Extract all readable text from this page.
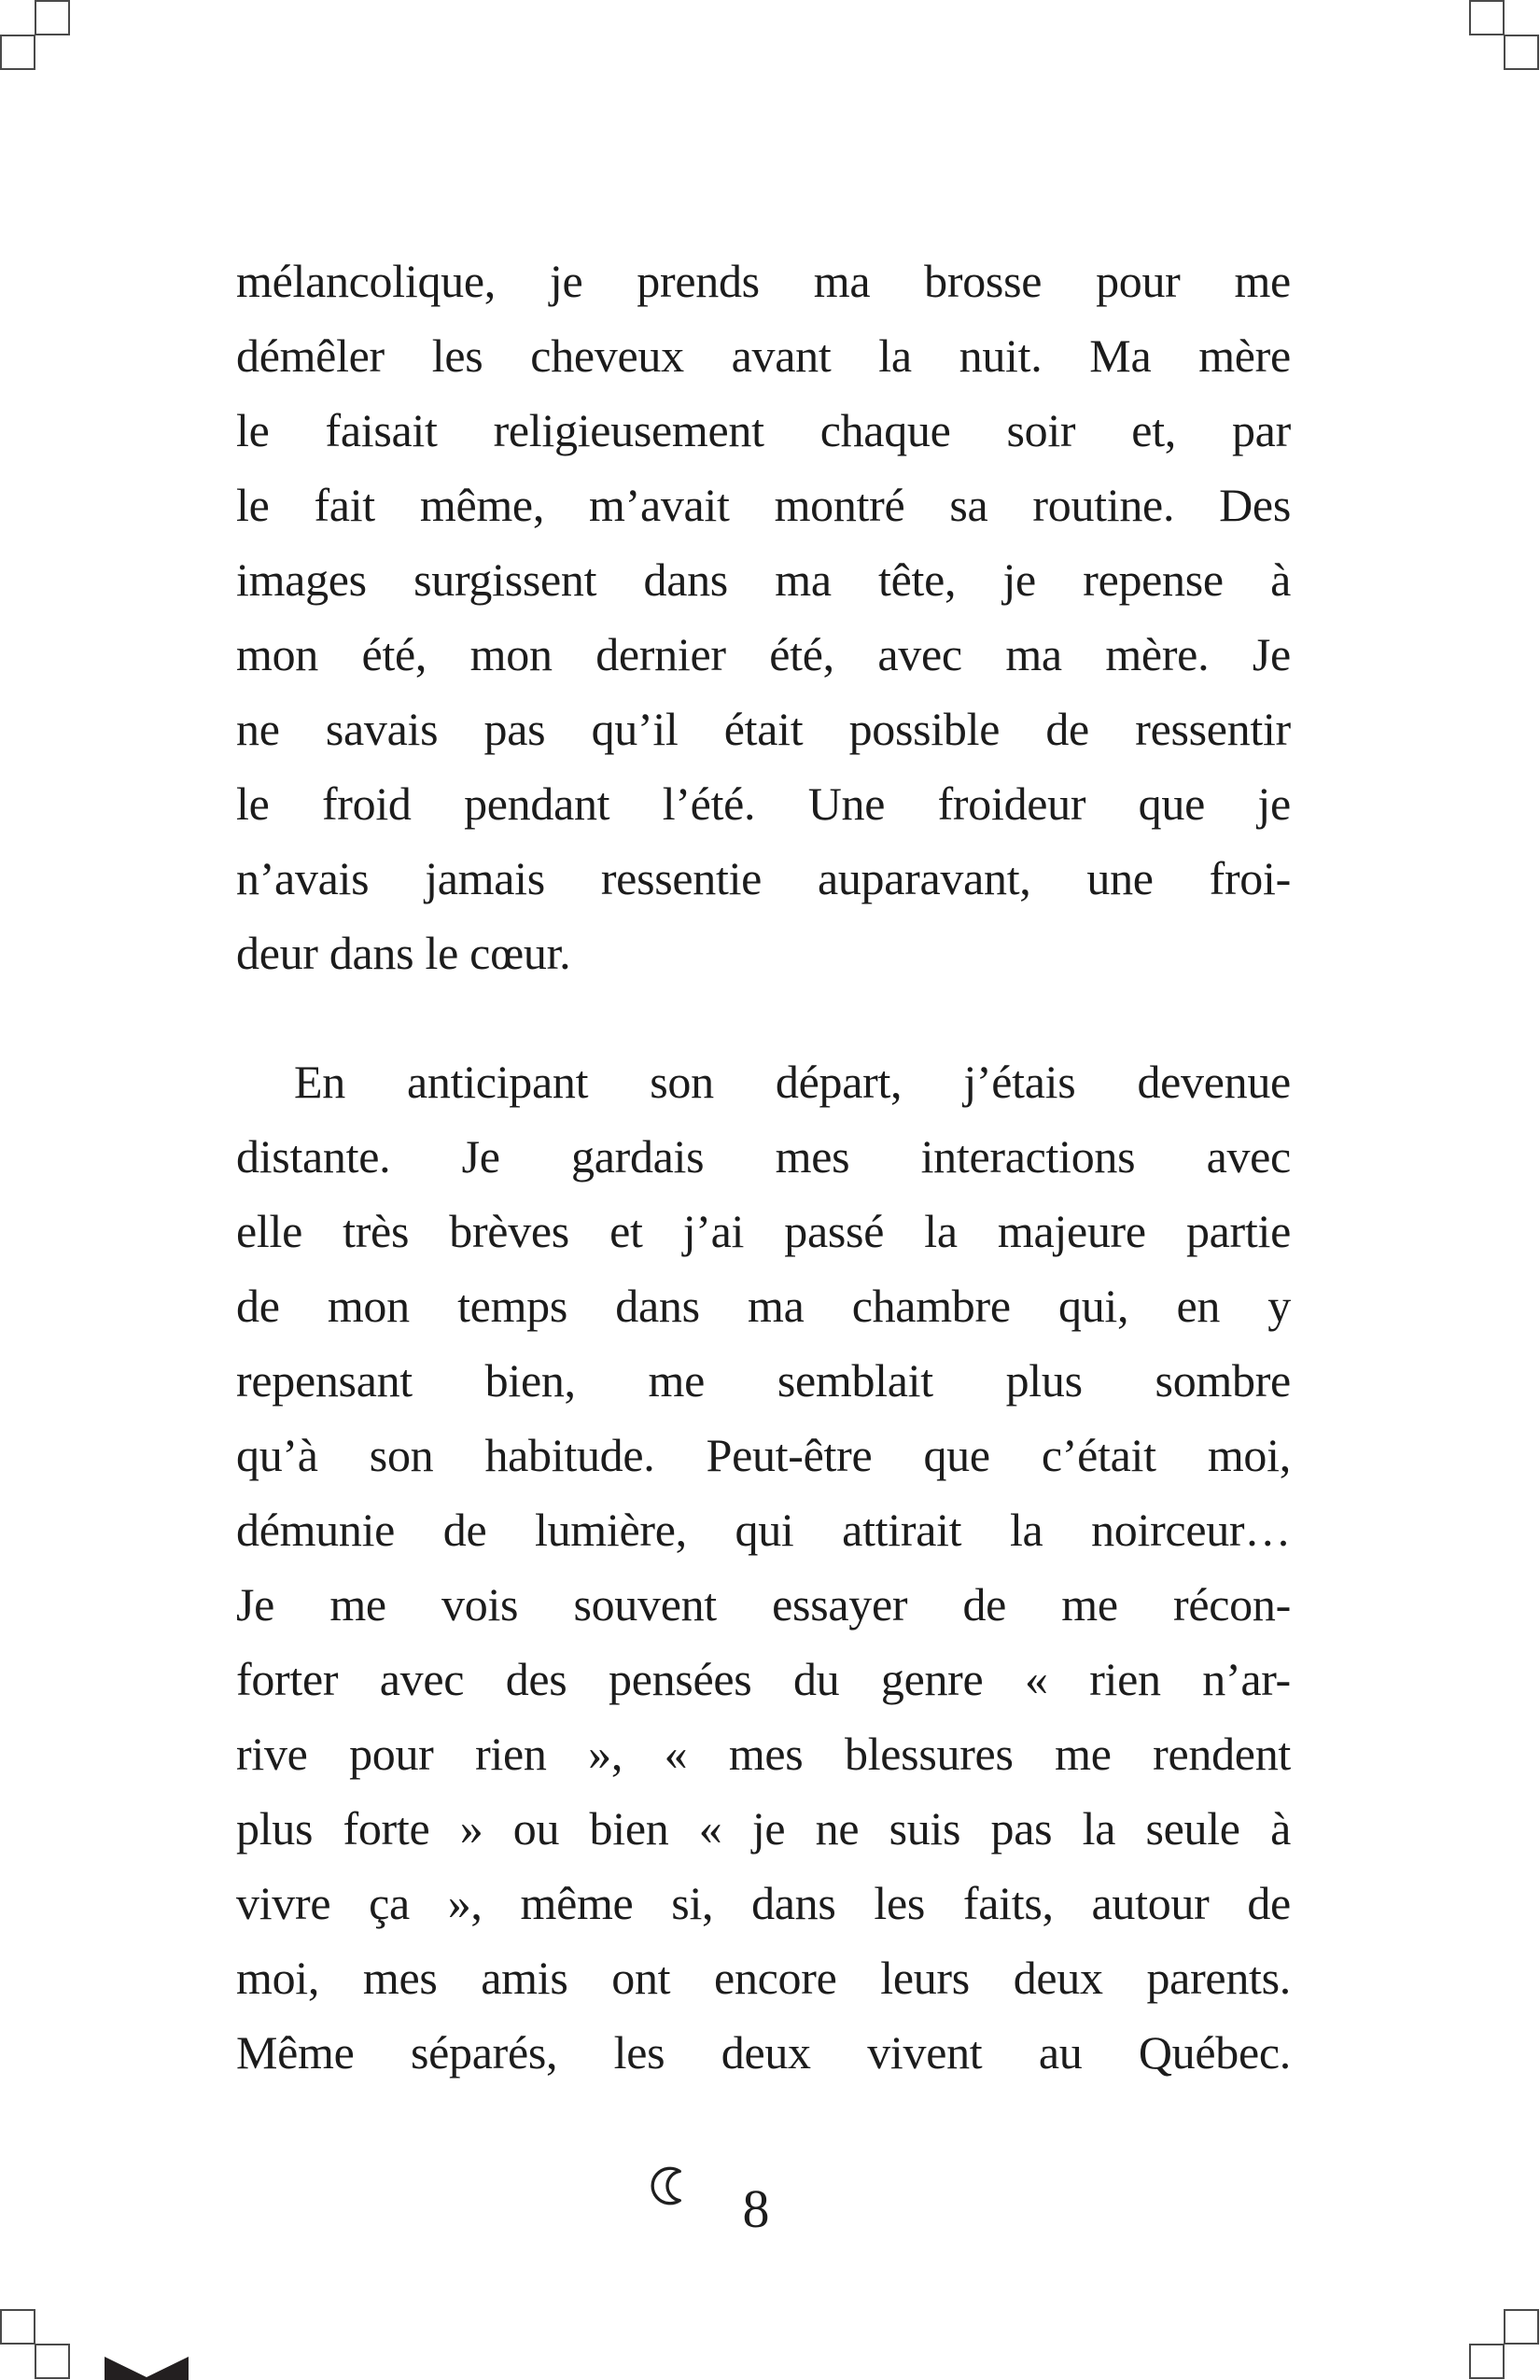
mélancolique, je prends ma brosse pour me
démêler les cheveux avant la nuit. Ma mère
le faisait religieusement chaque soir et, par
le fait même, m’avait montré sa routine. Des
images surgissent dans ma tête, je repense à
mon été, mon dernier été, avec ma mère. Je
ne savais pas qu’il était possible de ressentir
le froid pendant l’été. Une froideur que je
n’avais jamais ressentie auparavant, une froi-
deur dans le cœur.
En anticipant son départ, j’étais devenue
distante. Je gardais mes interactions avec
elle très brèves et j’ai passé la majeure partie
de mon temps dans ma chambre qui, en y
repensant bien, me semblait plus sombre
qu’à son habitude. Peut-être que c’était moi,
démunie de lumière, qui attirait la noirceur…
Je me vois souvent essayer de me récon-
forter avec des pensées du genre « rien n’ar-
rive pour rien », « mes blessures me rendent
plus forte » ou bien « je ne suis pas la seule à
vivre ça », même si, dans les faits, autour de
moi, mes amis ont encore leurs deux parents.
Même séparés, les deux vivent au Québec.
8
